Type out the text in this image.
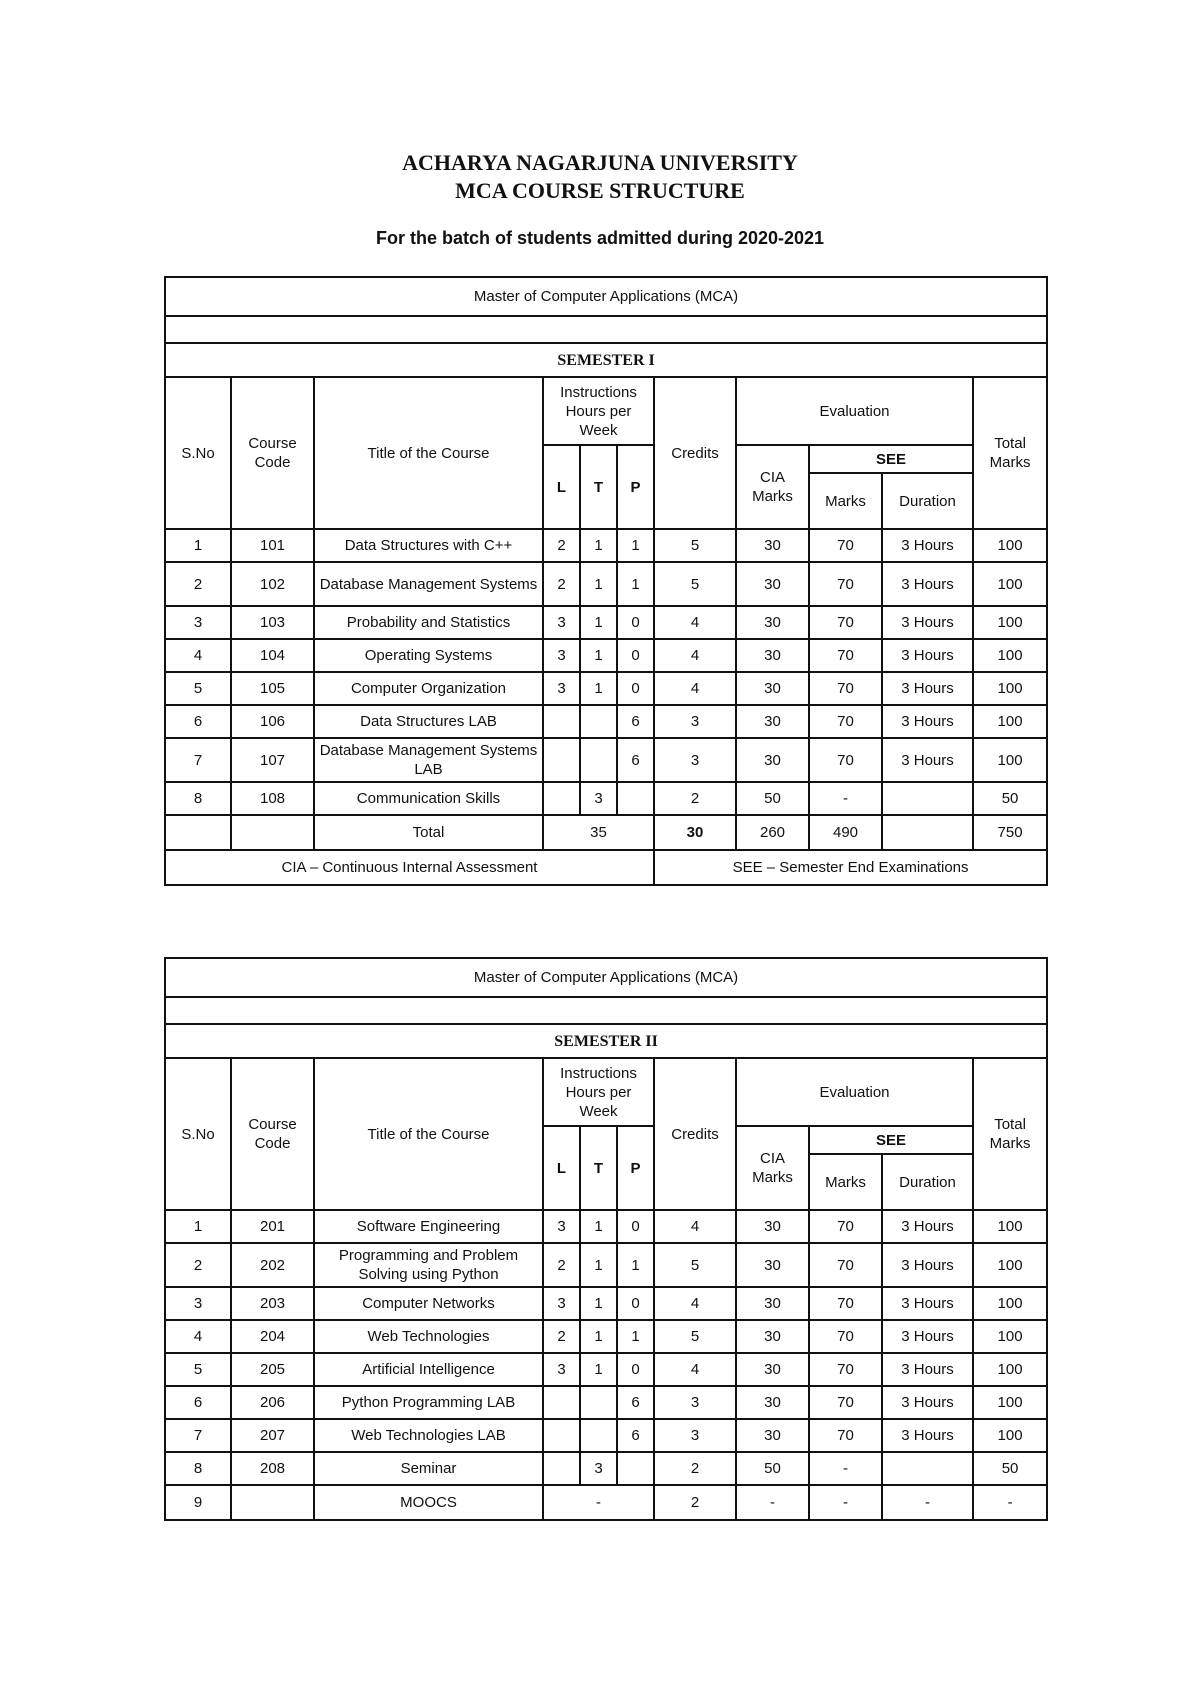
ACHARYA NAGARJUNA UNIVERSITY
MCA COURSE STRUCTURE
For the batch of students admitted during 2020-2021
Master of Computer Applications (MCA)										

SEMESTER I										
S.No	Course Code	Title of the Course	Instructions Hours per Week			Credits	Evaluation			Total Marks
			L	T	P		CIA Marks	SEE		
								Marks	Duration	
1	101	Data Structures with C++	2	1	1	5	30	70	3 Hours	100
2	102	Database Management Systems	2	1	1	5	30	70	3 Hours	100
3	103	Probability and Statistics	3	1	0	4	30	70	3 Hours	100
4	104	Operating Systems	3	1	0	4	30	70	3 Hours	100
5	105	Computer Organization	3	1	0	4	30	70	3 Hours	100
6	106	Data Structures LAB			6	3	30	70	3 Hours	100
7	107	Database Management Systems LAB			6	3	30	70	3 Hours	100
8	108	Communication Skills		3		2	50	-		50
		Total	35			30	260	490		750
CIA – Continuous Internal Assessment						SEE – Semester End Examinations				
Master of Computer Applications (MCA)										

SEMESTER II										
S.No	Course Code	Title of the Course	Instructions Hours per Week			Credits	Evaluation			Total Marks
			L	T	P		CIA Marks	SEE		
								Marks	Duration	
1	201	Software Engineering	3	1	0	4	30	70	3 Hours	100
2	202	Programming and Problem Solving using Python	2	1	1	5	30	70	3 Hours	100
3	203	Computer Networks	3	1	0	4	30	70	3 Hours	100
4	204	Web Technologies	2	1	1	5	30	70	3 Hours	100
5	205	Artificial Intelligence	3	1	0	4	30	70	3 Hours	100
6	206	Python Programming LAB			6	3	30	70	3 Hours	100
7	207	Web Technologies LAB			6	3	30	70	3 Hours	100
8	208	Seminar		3		2	50	-		50
9		MOOCS	-			2	-	-	-	-
